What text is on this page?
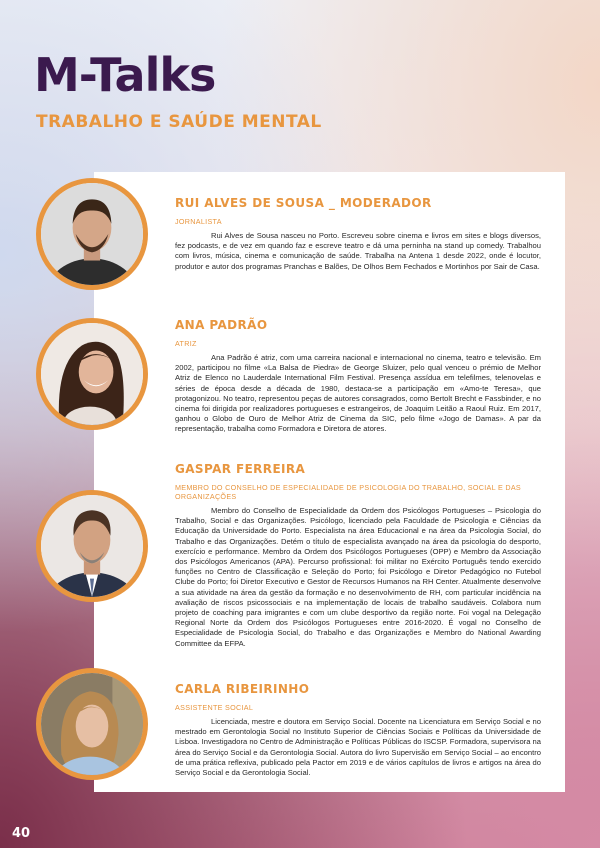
M-Talks
TRABALHO E SAÚDE MENTAL

RUI ALVES DE SOUSA _ MODERADOR

JORNALISTA

Rui Alves de Sousa nasceu no Porto. Escreveu sobre cinema e livros em sites e blogs diversos, fez podcasts, e de vez em quando faz e escreve teatro e dá uma perninha na stand up comedy. Trabalhou com livros, música, cinema e comunicação de saúde. Trabalha na Antena 1 desde 2022, onde é locutor, produtor e autor dos programas Pranchas e Balões, De Olhos Bem Fechados e Mortinhos por Sair de Casa.

ANA PADRÃO

ATRIZ

Ana Padrão é atriz, com uma carreira nacional e internacional no cinema, teatro e televisão. Em 2002, participou no filme «La Balsa de Piedra» de George Sluizer, pelo qual venceu o prémio de Melhor Atriz de Elenco no Lauderdale International Film Festival. Presença assídua em telefilmes, telenovelas e séries de época desde a década de 1980, destaca-se a participação em «Amo-te Teresa», que protagonizou. No teatro, representou peças de autores consagrados, como Bertolt Brecht e Fassbinder, e no cinema foi dirigida por realizadores portugueses e estrangeiros, de Joaquim Leitão a Raoul Ruiz. Em 2017, ganhou o Globo de Ouro de Melhor Atriz de Cinema da SIC, pelo filme «Jogo de Damas». A par da representação, trabalha como Formadora e Diretora de atores.

GASPAR FERREIRA

MEMBRO DO CONSELHO DE ESPECIALIDADE DE PSICOLOGIA DO TRABALHO, SOCIAL E DAS ORGANIZAÇÕES

Membro do Conselho de Especialidade da Ordem dos Psicólogos Portugueses – Psicologia do Trabalho, Social e das Organizações. Psicólogo, licenciado pela Faculdade de Psicologia e Ciências da Educação da Universidade do Porto. Especialista na área Educacional e na área da Psicologia Social, do Trabalho e das Organizações. Detém o título de especialista avançado na área da psicologia do desporto, exercício e performance. Membro da Ordem dos Psicólogos Portugueses (OPP) e Membro da Associação dos Psicólogos Americanos (APA). Percurso profissional: foi militar no Exército Português tendo exercido funções no Centro de Classificação e Seleção do Porto; foi Psicólogo e Diretor Pedagógico no Futebol Clube do Porto; foi Diretor Executivo e Gestor de Recursos Humanos na RH Center. Atualmente desenvolve a sua atividade na área da gestão da formação e no desenvolvimento de RH, com particular incidência na avaliação de riscos psicossociais e na implementação de locais de trabalho saudáveis. Colabora num projeto de coaching para imigrantes e com um clube desportivo da região norte. Foi vogal na Delegação Regional Norte da Ordem dos Psicólogos Portugueses entre 2016-2020. É vogal no Conselho de Especialidade de Psicologia Social, do Trabalho e das Organizações e Membro do National Awarding Committee da EFPA.

CARLA RIBEIRINHO

ASSISTENTE SOCIAL

Licenciada, mestre e doutora em Serviço Social. Docente na Licenciatura em Serviço Social e no mestrado em Gerontologia Social no Instituto Superior de Ciências Sociais e Políticas da Universidade de Lisboa. Investigadora no Centro de Administração e Políticas Públicas do ISCSP. Formadora, supervisora na área do Serviço Social e da Gerontologia Social. Autora do livro Supervisão em Serviço Social – ao encontro de uma prática reflexiva, publicado pela Pactor em 2019 e de vários capítulos de livros e artigos na área do Serviço Social e da Gerontologia Social.

40
